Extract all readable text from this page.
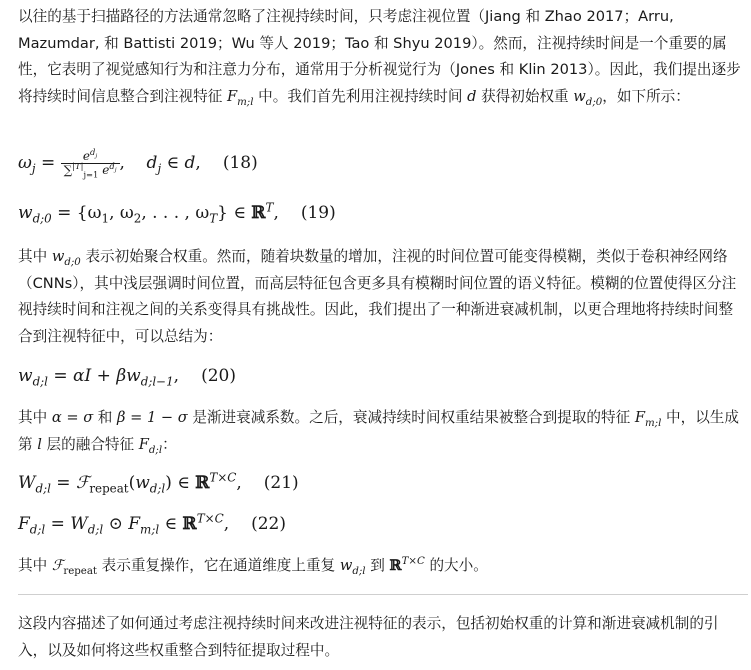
以往的基于扫描路径的方法通常忽略了注视持续时间，只考虑注视位置（Jiang 和 Zhao 2017；Arru, Mazumdar, 和 Battisti 2019；Wu 等人 2019；Tao 和 Shyu 2019）。然而，注视持续时间是一个重要的属性，它表明了视觉感知行为和注意力分布，通常用于分析视觉行为（Jones 和 Klin 2013）。因此，我们提出逐步将持续时间信息整合到注视特征 $F_{m;l}$ 中。我们首先利用注视持续时间 d 获得初始权重 $w_{d;0}$，如下所示：

$\omega_j = \frac{e^{d_j}}{\sum^{|T|}_{j=1} e^{d_j}}$ , $d_j$ ∈ d, (18)
$w_{d;0} = \{\omega_1$, $\omega_2$, . . . , $\omega_T$} ∈ ℝ$^T$, (19)

其中 $w_{d;0}$ 表示初始聚合权重。然而，随着块数量的增加，注视的时间位置可能变得模糊，类似于卷积神经网络（CNNs），其中浅层强调时间位置，而高层特征包含更多具有模糊时间位置的语义特征。模糊的位置使得区分注视持续时间和注视之间的关系变得具有挑战性。因此，我们提出了一种渐进衰减机制，以更合理地将持续时间整合到注视特征中，可以总结为：

$w_{d;l} = \alpha I + \beta w_{d;l-1}$, (20)

其中 α = σ 和 β = 1 − σ 是渐进衰减系数。之后，衰减持续时间权重结果被整合到提取的特征 $F_{m;l}$ 中，以生成第 l 层的融合特征 $F_{d;l}$：

$W_{d;l}$ = $ℱ_{repeat}(w_{d;l})$ ∈ ℝ$^{T\times C}$, (21)
$F_{d;l} = W_{d;l}$ ⊙ $F_{m;l}$ ∈ ℝ$^{T\times C}$, (22)

其中 ℱ$_{repeat}$ 表示重复操作，它在通道维度上重复 $w_{d;l}$ 到 ℝ$^{T\times C}$ 的大小。

这段内容描述了如何通过考虑注视持续时间来改进注视特征的表示，包括初始权重的计算和渐进衰减机制的引入，以及如何将这些权重整合到特征提取过程中。
